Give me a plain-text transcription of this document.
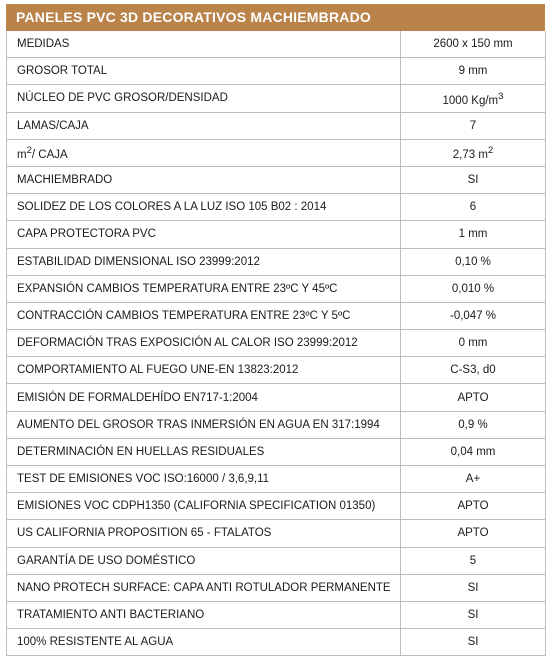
PANELES PVC 3D DECORATIVOS MACHIEMBRADO
MEDIDAS	2600 x 150 mm
GROSOR TOTAL	9 mm
NÚCLEO DE PVC GROSOR/DENSIDAD	1000 $Kg/m^3$
LAMAS/CAJA	7
$m^2/$ CAJA	2,73 $m^2$
MACHIEMBRADO	SI
SOLIDEZ DE LOS COLORES A LA LUZ ISO 105 B02 : 2014	6
CAPA PROTECTORA PVC	1 mm
ESTABILIDAD DIMENSIONAL ISO 23999:2012	0,10 %
EXPANSIÓN CAMBIOS TEMPERATURA ENTRE 23ºC Y 45ºC	0,010 %
CONTRACCIÓN CAMBIOS TEMPERATURA ENTRE 23ºC Y 5ºC	-0,047 %
DEFORMACIÓN TRAS EXPOSICIÓN AL CALOR ISO 23999:2012	0 mm
COMPORTAMIENTO AL FUEGO UNE-EN 13823:2012	C-S3, d0
EMISIÓN DE FORMALDEHÍDO EN717-1:2004	APTO
AUMENTO DEL GROSOR TRAS INMERSIÓN EN AGUA EN 317:1994	0,9 %
DETERMINACIÓN EN HUELLAS RESIDUALES	0,04 mm
TEST DE EMISIONES VOC ISO:16000 / 3,6,9,11	A+
EMISIONES VOC CDPH1350 (CALIFORNIA SPECIFICATION 01350)	APTO
US CALIFORNIA PROPOSITION 65 - FTALATOS	APTO
GARANTÍA DE USO DOMÉSTICO	5
NANO PROTECH SURFACE: CAPA ANTI ROTULADOR PERMANENTE	SI
TRATAMIENTO ANTI BACTERIANO	SI
100% RESISTENTE AL AGUA	SI
